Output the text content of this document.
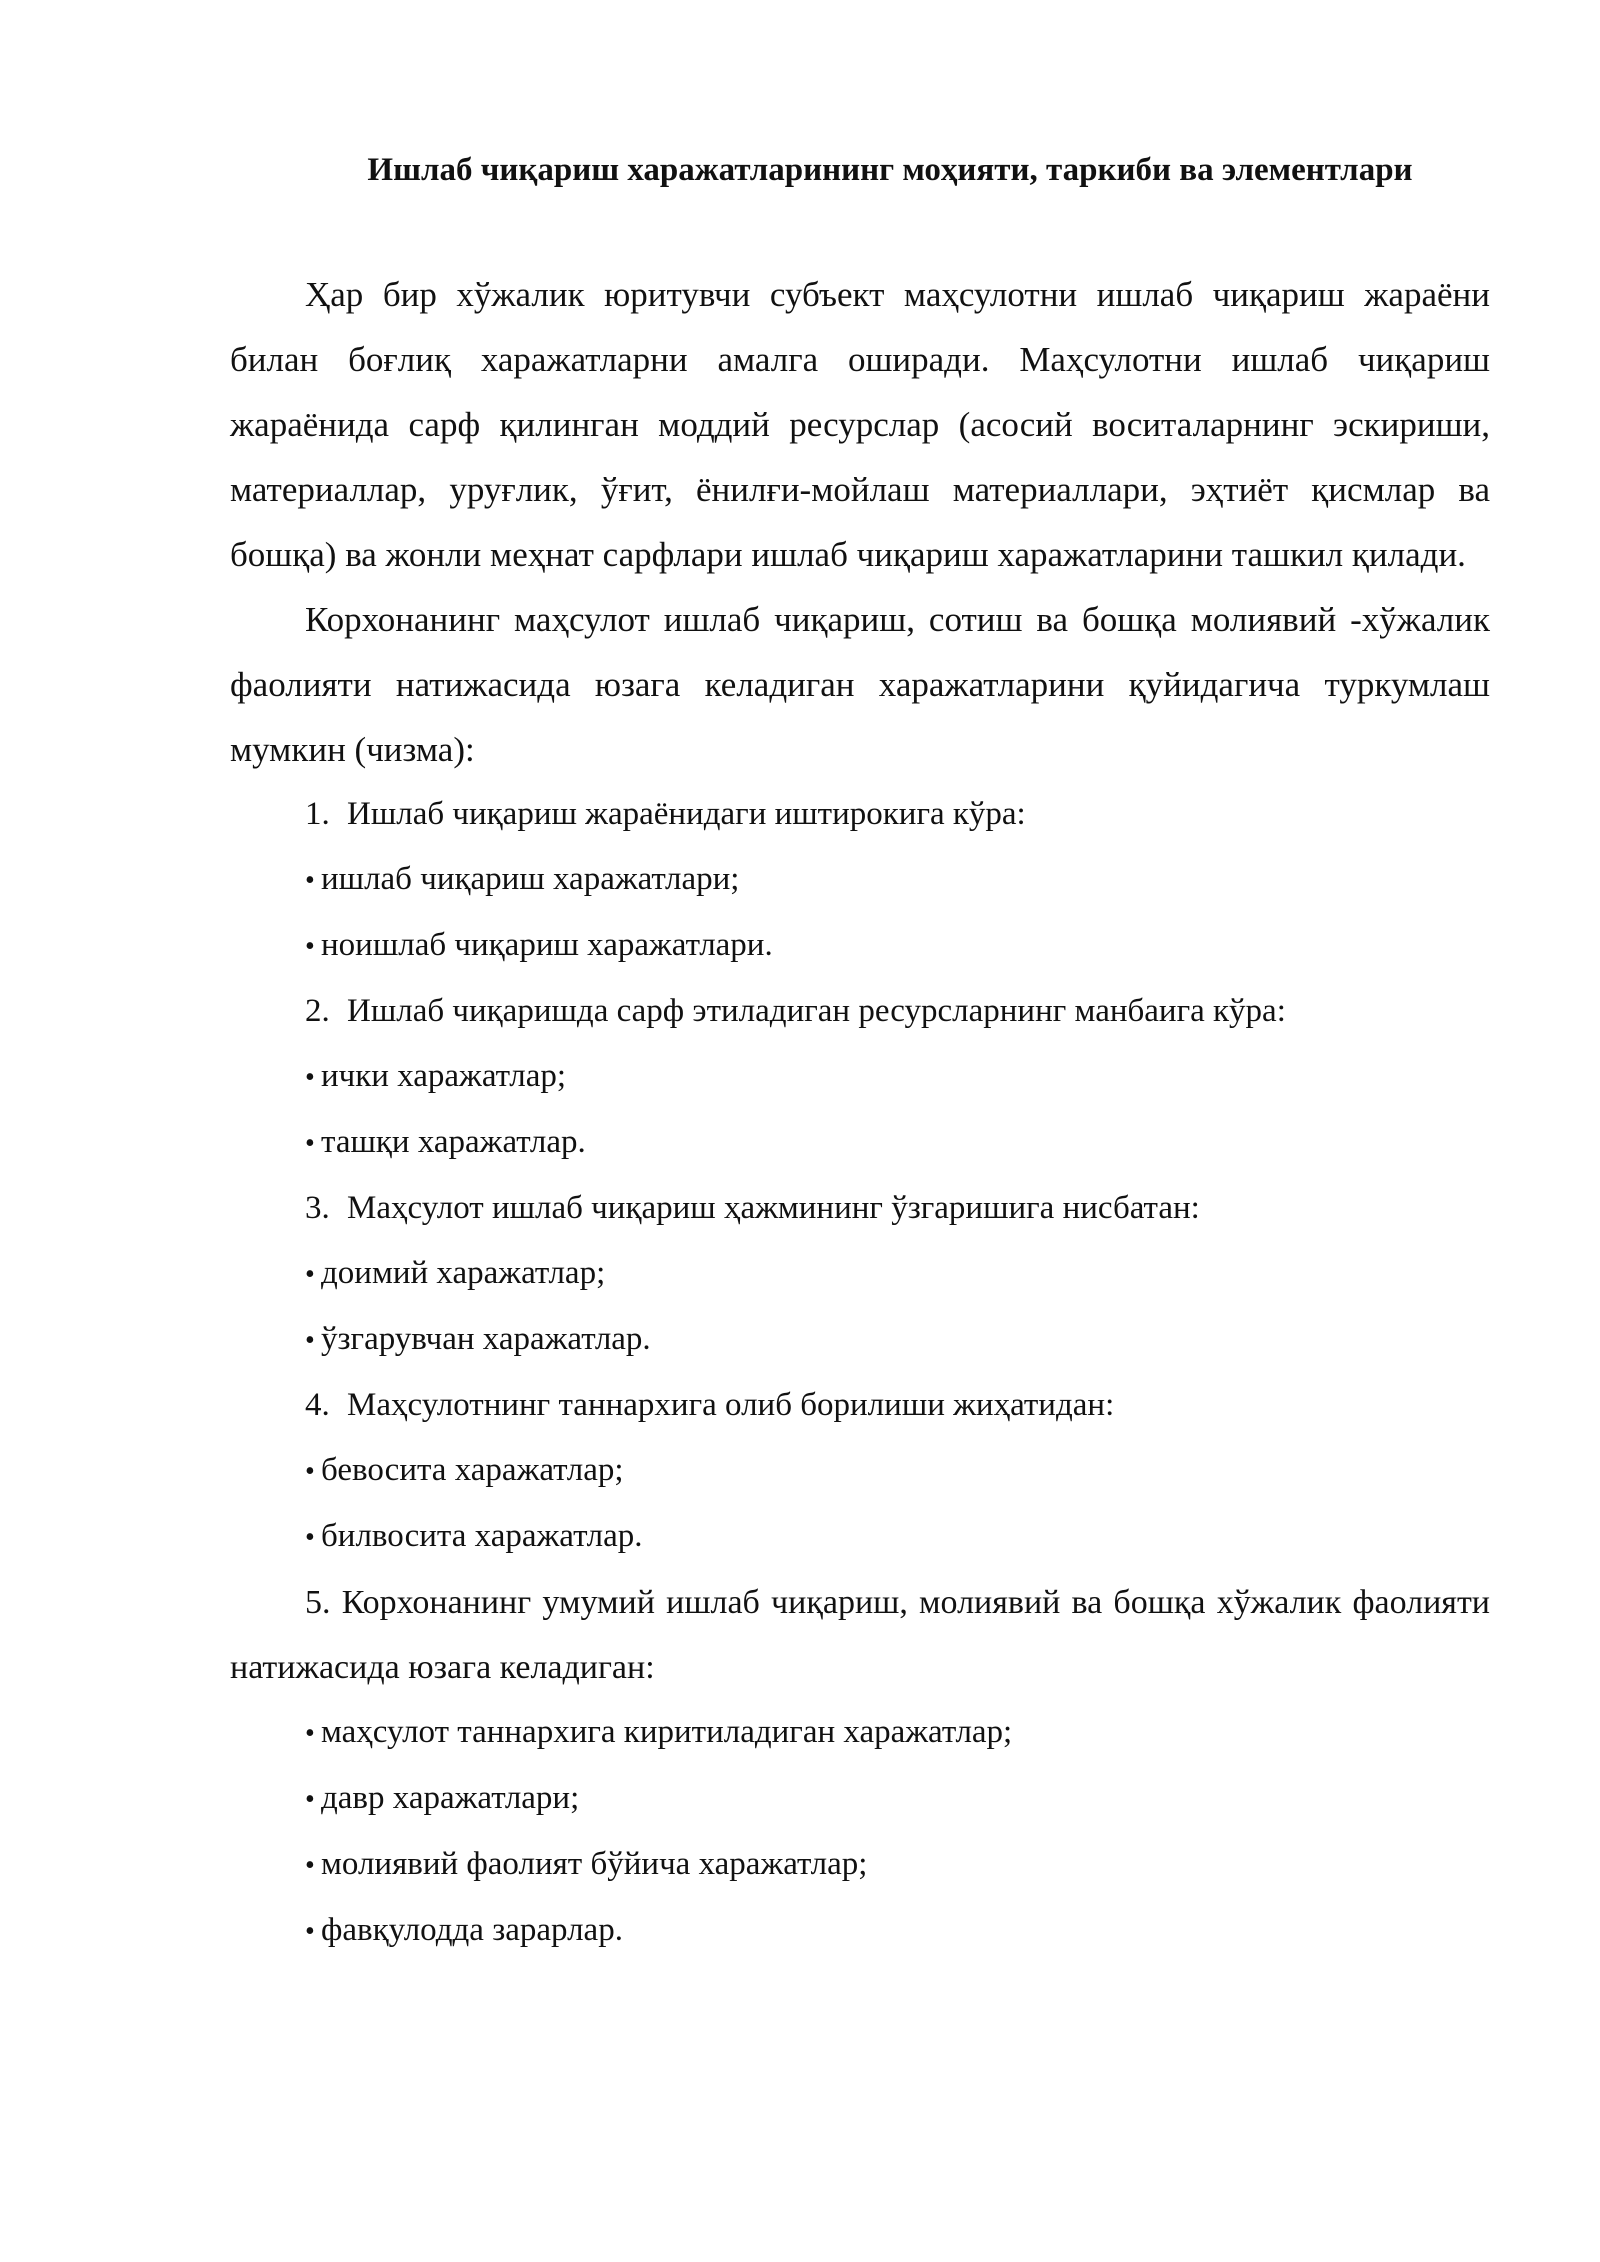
Ишлаб чиқариш харажатларининг моҳияти, таркиби ва элементлари

Ҳар бир хўжалик юритувчи субъект маҳсулотни ишлаб чиқариш жараёни билан боғлиқ харажатларни амалга оширади. Маҳсулотни ишлаб чиқариш жараёнида сарф қилинган моддий ресурслар (асосий воситаларнинг эскириши, материаллар, уруғлик, ўғит, ёнилғи-мойлаш материаллари, эҳтиёт қисмлар ва бошқа) ва жонли меҳнат сарфлари ишлаб чиқариш харажатларини ташкил қилади.

Корхонанинг маҳсулот ишлаб чиқариш, сотиш ва бошқа молиявий -хўжалик фаолияти натижасида юзага келадиган харажатларини қуйидагича туркумлаш мумкин (чизма):

1. Ишлаб чиқариш жараёнидаги иштирокига кўра:

• ишлаб чиқариш харажатлари;

• ноишлаб чиқариш харажатлари.

2. Ишлаб чиқаришда сарф этиладиган ресурсларнинг манбаига кўра:

• ички харажатлар;

• ташқи харажатлар.

3. Маҳсулот ишлаб чиқариш ҳажмининг ўзгаришига нисбатан:

• доимий харажатлар;

• ўзгарувчан харажатлар.

4. Маҳсулотнинг таннархига олиб борилиши жиҳатидан:

• бевосита харажатлар;

• билвосита харажатлар.

5. Корхонанинг умумий ишлаб чиқариш, молиявий ва бошқа хўжалик фаолияти натижасида юзага келадиган:

• маҳсулот таннархига киритиладиган харажатлар;

• давр харажатлари;

• молиявий фаолият бўйича харажатлар;

• фавқулодда зарарлар.
